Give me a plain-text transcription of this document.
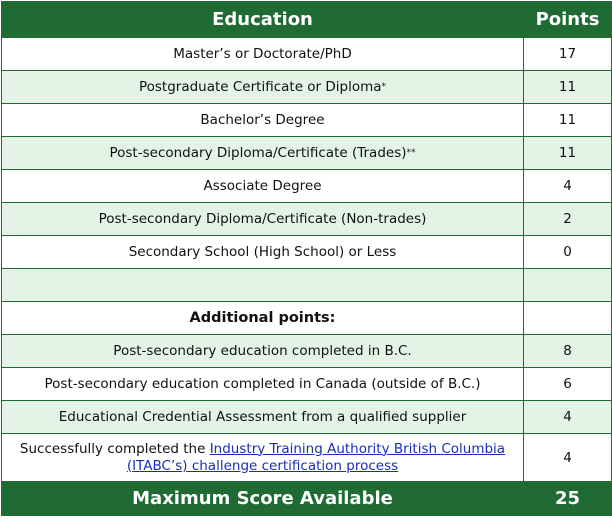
Education	Points
Master’s or Doctorate/PhD	17
Postgraduate Certificate or Diploma*	11
Bachelor’s Degree	11
Post-secondary Diploma/Certificate (Trades)**	11
Associate Degree	4
Post-secondary Diploma/Certificate (Non-trades)	2
Secondary School (High School) or Less	0

Additional points:	
Post-secondary education completed in B.C.	8
Post-secondary education completed in Canada (outside of B.C.)	6
Educational Credential Assessment from a qualified supplier	4

Successfully completed the Industry Training Authority British Columbia
(ITABC’s) challenge certification process	4
Maximum Score Available	25
